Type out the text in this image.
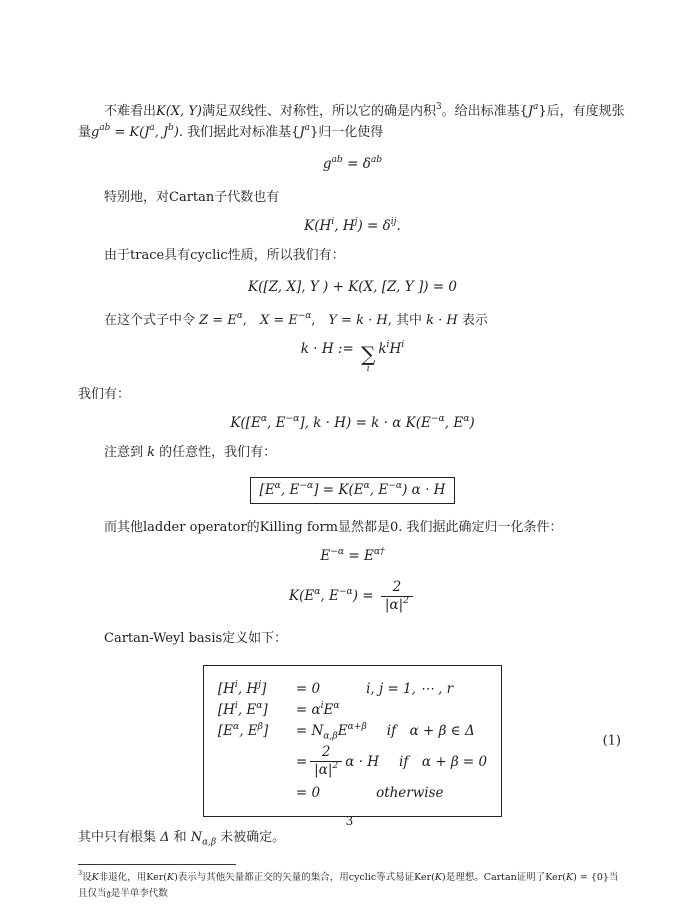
不难看出K(X, Y)满足双线性、对称性，所以它的确是内积$^3$。给出标准基$\{J^a\}$后，有度规张量$g^{ab} = K(J^a$, $J^b$). 我们据此对标准基$\{J^a\}$归一化使得

$g^{ab} = \delta^{ab}$

特别地，对Cartan子代数也有

$K(H^i$, $H^j) = \delta^{ij}$.

由于trace具有cyclic性质，所以我们有：

K([Z, X], Y ) + K(X, [Z, Y ]) = 0

在这个式子中令 $Z = E^\alpha$,  $X = E^{-\alpha}$,  Y = k · H, 其中 k · H 表示

k · H := ∑
i
$k^iH^i$

我们有：

$K([E^\alpha$, $E^{-\alpha}$], k · H) = k · α $K(E^{-\alpha}$, $E^\alpha$)

注意到 k 的任意性，我们有：

[$E^\alpha$, $E^{-\alpha}] = K(E^\alpha$, $E^{-\alpha}$) α · H

而其他ladder operator的Killing form显然都是0. 我们据此确定归一化条件：

$E^{-\alpha} = E^{\alpha\dagger}$
$K(E^\alpha$, $E^{-\alpha}) = \frac{2}{|\alpha|^2}$

Cartan-Weyl basis定义如下：

[$H^i$, $H^j$]	= 0	i, j = 1, ⋯ , r
[$H^i$, $E^\alpha$]	= $\alpha^iE^\alpha$
[$E^\alpha$, $E^\beta$]	= $N_{\alpha,\beta}E^{\alpha+\beta}$ if  α + β ∈ Δ
= $\frac{2}{|\alpha|^2}$ α · H if  α + β = 0
= 0	otherwise
(1)

其中只有根集 Δ 和 $N_{\alpha,\beta}$ 未被确定。

$^3$设K非退化，用Ker(K)表示与其他矢量都正交的矢量的集合，用cyclic等式易证Ker(K)是理想。Cartan证明了Ker(K) = {0}当且仅当𝔤是半单李代数
3
